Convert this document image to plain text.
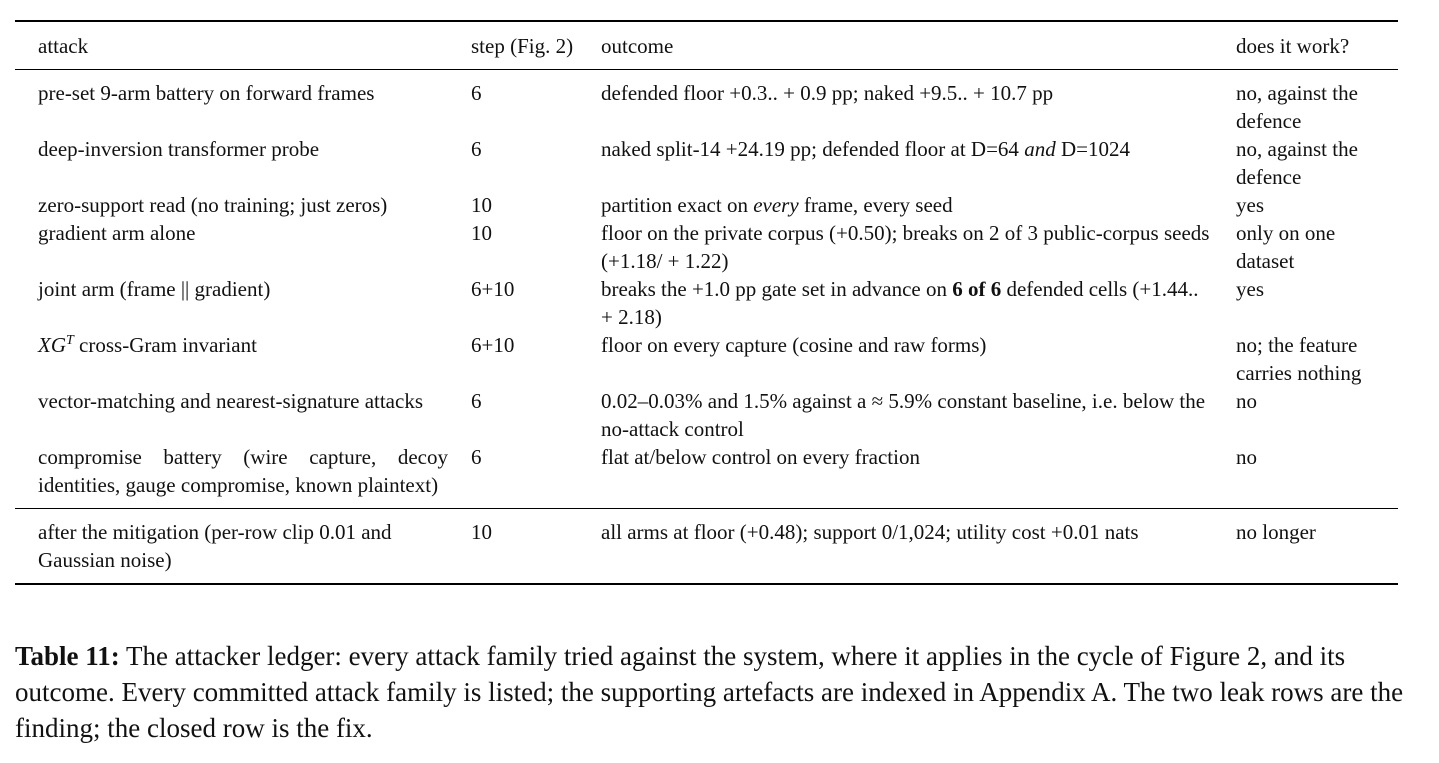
attack	step (Fig. 2)	outcome	does it work?
pre-set 9-arm battery on forward frames	6	defended floor +0.3.. + 0.9 pp; naked +9.5.. + 10.7 pp	no, against the defence
deep-inversion transformer probe	6	naked split-14 +24.19 pp; defended floor at D=64 and D=1024	no, against the defence
zero-support read (no training; just zeros)	10	partition exact on every frame, every seed	yes
gradient arm alone	10	floor on the private corpus (+0.50); breaks on 2 of 3 public-corpus seeds (+1.18/ + 1.22)	only on one dataset
joint arm (frame || gradient)	6+10	breaks the +1.0 pp gate set in advance on 6 of 6 defended cells (+1.44.. + 2.18)	yes
$XG^T$ cross-Gram invariant	6+10	floor on every capture (cosine and raw forms)	no; the feature carries nothing
vector-matching and nearest-signature attacks	6	0.02–0.03% and 1.5% against a ≈ 5.9% constant baseline, i.e. below the no-attack control	no
compromise battery (wire capture, decoy identities, gauge compromise, known plaintext)	6	flat at/below control on every fraction	no
after the mitigation (per-row clip 0.01 and Gaussian noise)	10	all arms at floor (+0.48); support 0/1,024; utility cost +0.01 nats	no longer

Table 11: The attacker ledger: every attack family tried against the system, where it applies in the cycle of Figure 2, and its outcome. Every committed attack family is listed; the supporting artefacts are indexed in Appendix A. The two leak rows are the finding; the closed row is the fix.
